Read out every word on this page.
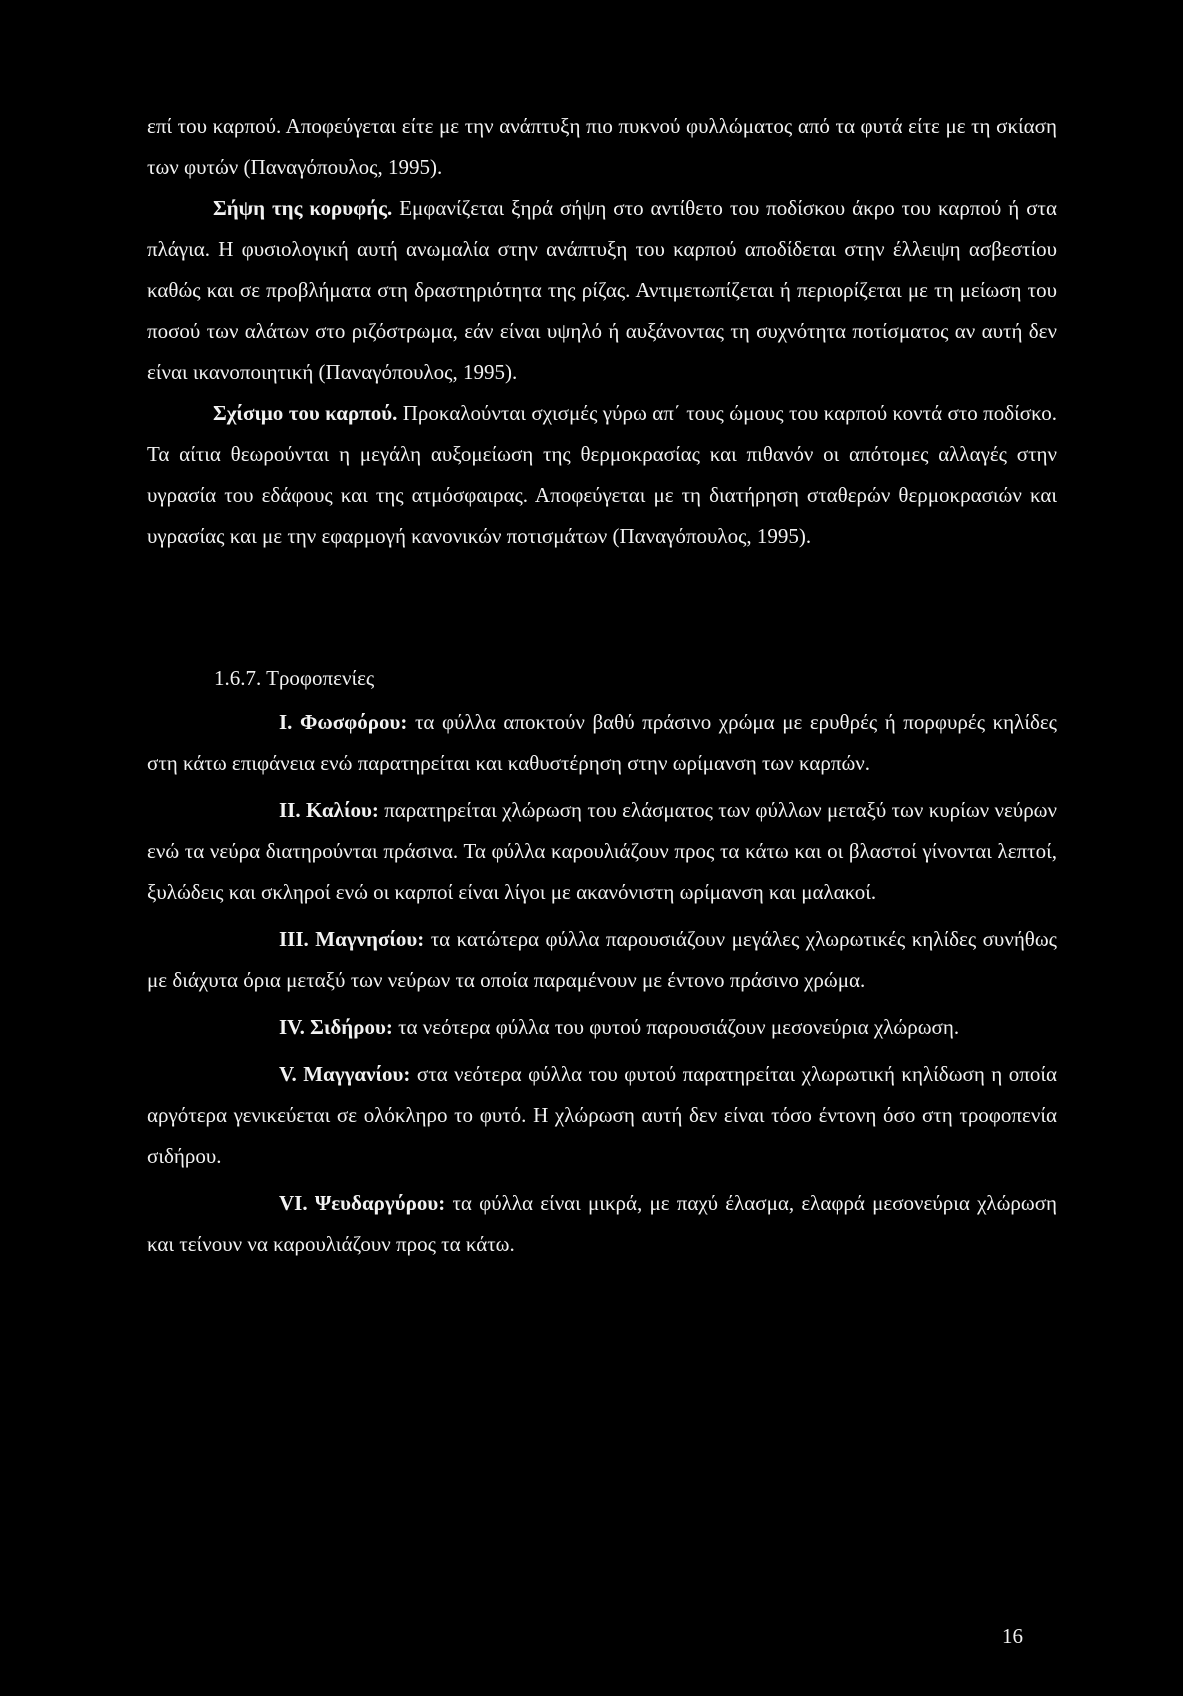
επί του καρπού. Αποφεύγεται είτε με την ανάπτυξη πιο πυκνού φυλλώματος από τα φυτά είτε με τη σκίαση των φυτών (Παναγόπουλος, 1995).

Σήψη της κορυφής. Εμφανίζεται ξηρά σήψη στο αντίθετο του ποδίσκου άκρο του καρπού ή στα πλάγια. Η φυσιολογική αυτή ανωμαλία στην ανάπτυξη του καρπού αποδίδεται στην έλλειψη ασβεστίου καθώς και σε προβλήματα στη δραστηριότητα της ρίζας. Αντιμετωπίζεται ή περιορίζεται με τη μείωση του ποσού των αλάτων στο ριζόστρωμα, εάν είναι υψηλό ή αυξάνοντας τη συχνότητα ποτίσματος αν αυτή δεν είναι ικανοποιητική (Παναγόπουλος, 1995).

Σχίσιμο του καρπού. Προκαλούνται σχισμές γύρω απ΄ τους ώμους του καρπού κοντά στο ποδίσκο. Τα αίτια θεωρούνται η μεγάλη αυξομείωση της θερμοκρασίας και πιθανόν οι απότομες αλλαγές στην υγρασία του εδάφους και της ατμόσφαιρας. Αποφεύγεται με τη διατήρηση σταθερών θερμοκρασιών και υγρασίας και με την εφαρμογή κανονικών ποτισμάτων (Παναγόπουλος, 1995).

1.6.7. Τροφοπενίες

Ι. Φωσφόρου: τα φύλλα αποκτούν βαθύ πράσινο χρώμα με ερυθρές ή πορφυρές κηλίδες στη κάτω επιφάνεια ενώ παρατηρείται και καθυστέρηση στην ωρίμανση των καρπών.

ΙΙ. Καλίου: παρατηρείται χλώρωση του ελάσματος των φύλλων μεταξύ των κυρίων νεύρων ενώ τα νεύρα διατηρούνται πράσινα. Τα φύλλα καρουλιάζουν προς τα κάτω και οι βλαστοί γίνονται λεπτοί, ξυλώδεις και σκληροί ενώ οι καρποί είναι λίγοι με ακανόνιστη ωρίμανση και μαλακοί.

ΙΙΙ. Μαγνησίου: τα κατώτερα φύλλα παρουσιάζουν μεγάλες χλωρωτικές κηλίδες συνήθως με διάχυτα όρια μεταξύ των νεύρων τα οποία παραμένουν με έντονο πράσινο χρώμα.

IV. Σιδήρου: τα νεότερα φύλλα του φυτού παρουσιάζουν μεσονεύρια χλώρωση.

V. Μαγγανίου: στα νεότερα φύλλα του φυτού παρατηρείται χλωρωτική κηλίδωση η οποία αργότερα γενικεύεται σε ολόκληρο το φυτό. Η χλώρωση αυτή δεν είναι τόσο έντονη όσο στη τροφοπενία σιδήρου.

VI. Ψευδαργύρου: τα φύλλα είναι μικρά, με παχύ έλασμα, ελαφρά μεσονεύρια χλώρωση και τείνουν να καρουλιάζουν προς τα κάτω.

16
